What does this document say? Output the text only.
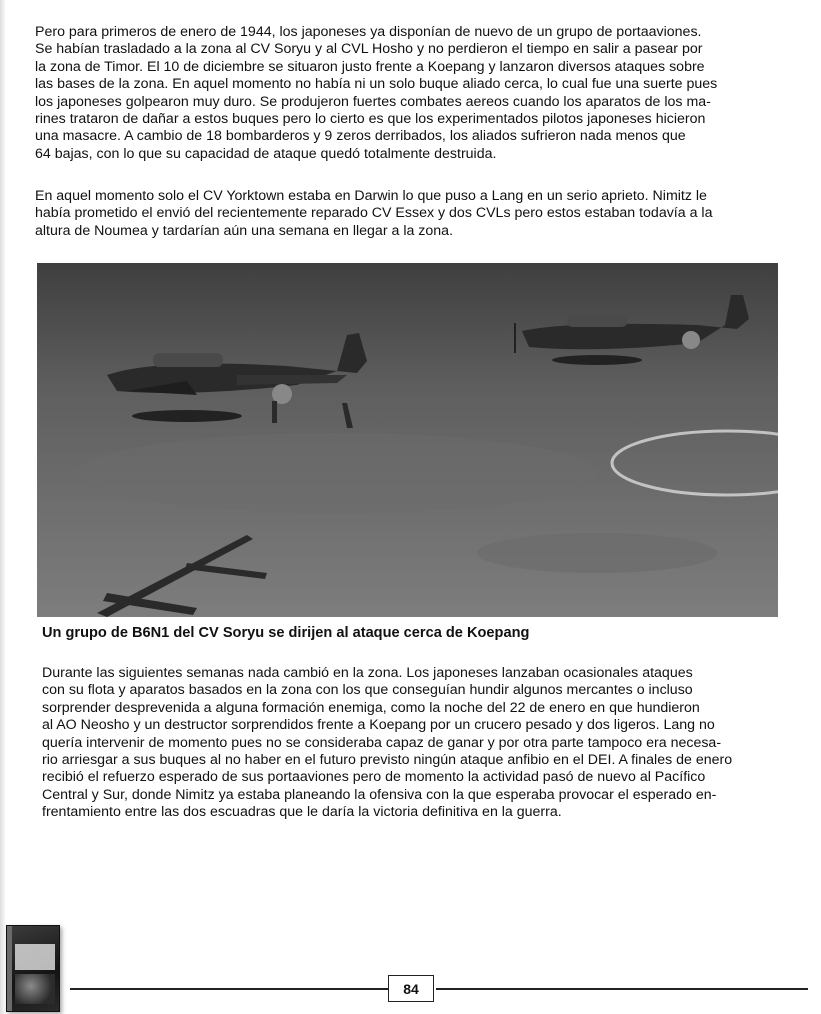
Pero para primeros de enero de 1944, los japoneses ya disponían de nuevo de un grupo de portaaviones.
Se habían trasladado a la zona al CV Soryu y al CVL Hosho y no perdieron el tiempo en salir a pasear por
la zona de Timor. El 10 de diciembre se situaron justo frente a Koepang y lanzaron diversos ataques sobre
las bases de la zona. En aquel momento no había ni un solo buque aliado cerca, lo cual fue una suerte pues
los japoneses golpearon muy duro. Se produjeron fuertes combates aereos cuando los aparatos de los ma-
rines trataron de dañar a estos buques pero lo cierto es que los experimentados pilotos japoneses hicieron
una masacre. A cambio de 18 bombarderos y 9 zeros derribados, los aliados sufrieron nada menos que
64 bajas, con lo que su capacidad de ataque quedó totalmente destruida.

En aquel momento solo el CV Yorktown estaba en Darwin lo que puso a Lang en un serio aprieto. Nimitz le
había prometido el envió del recientemente reparado CV Essex y dos CVLs pero estos estaban todavía a la
altura de Noumea y tardarían aún una semana en llegar a la zona.

Un grupo de B6N1 del CV Soryu se dirijen al ataque cerca de Koepang

Durante las siguientes semanas nada cambió en la zona. Los japoneses lanzaban ocasionales ataques
con su flota y aparatos basados en la zona con los que conseguían hundir algunos mercantes o incluso
sorprender desprevenida a alguna formación enemiga, como la noche del 22 de enero en que hundieron
al AO Neosho y un destructor sorprendidos frente a Koepang por un crucero pesado y dos ligeros. Lang no
quería intervenir de momento pues no se consideraba capaz de ganar y por otra parte tampoco era necesa-
rio arriesgar a sus buques al no haber en el futuro previsto ningún ataque anfibio en el DEI. A finales de enero
recibió el refuerzo esperado de sus portaaviones pero de momento la actividad pasó de nuevo al Pacífico
Central y Sur, donde Nimitz ya estaba planeando la ofensiva con la que esperaba provocar el esperado en-
frentamiento entre las dos escuadras que le daría la victoria definitiva en la guerra.

84
